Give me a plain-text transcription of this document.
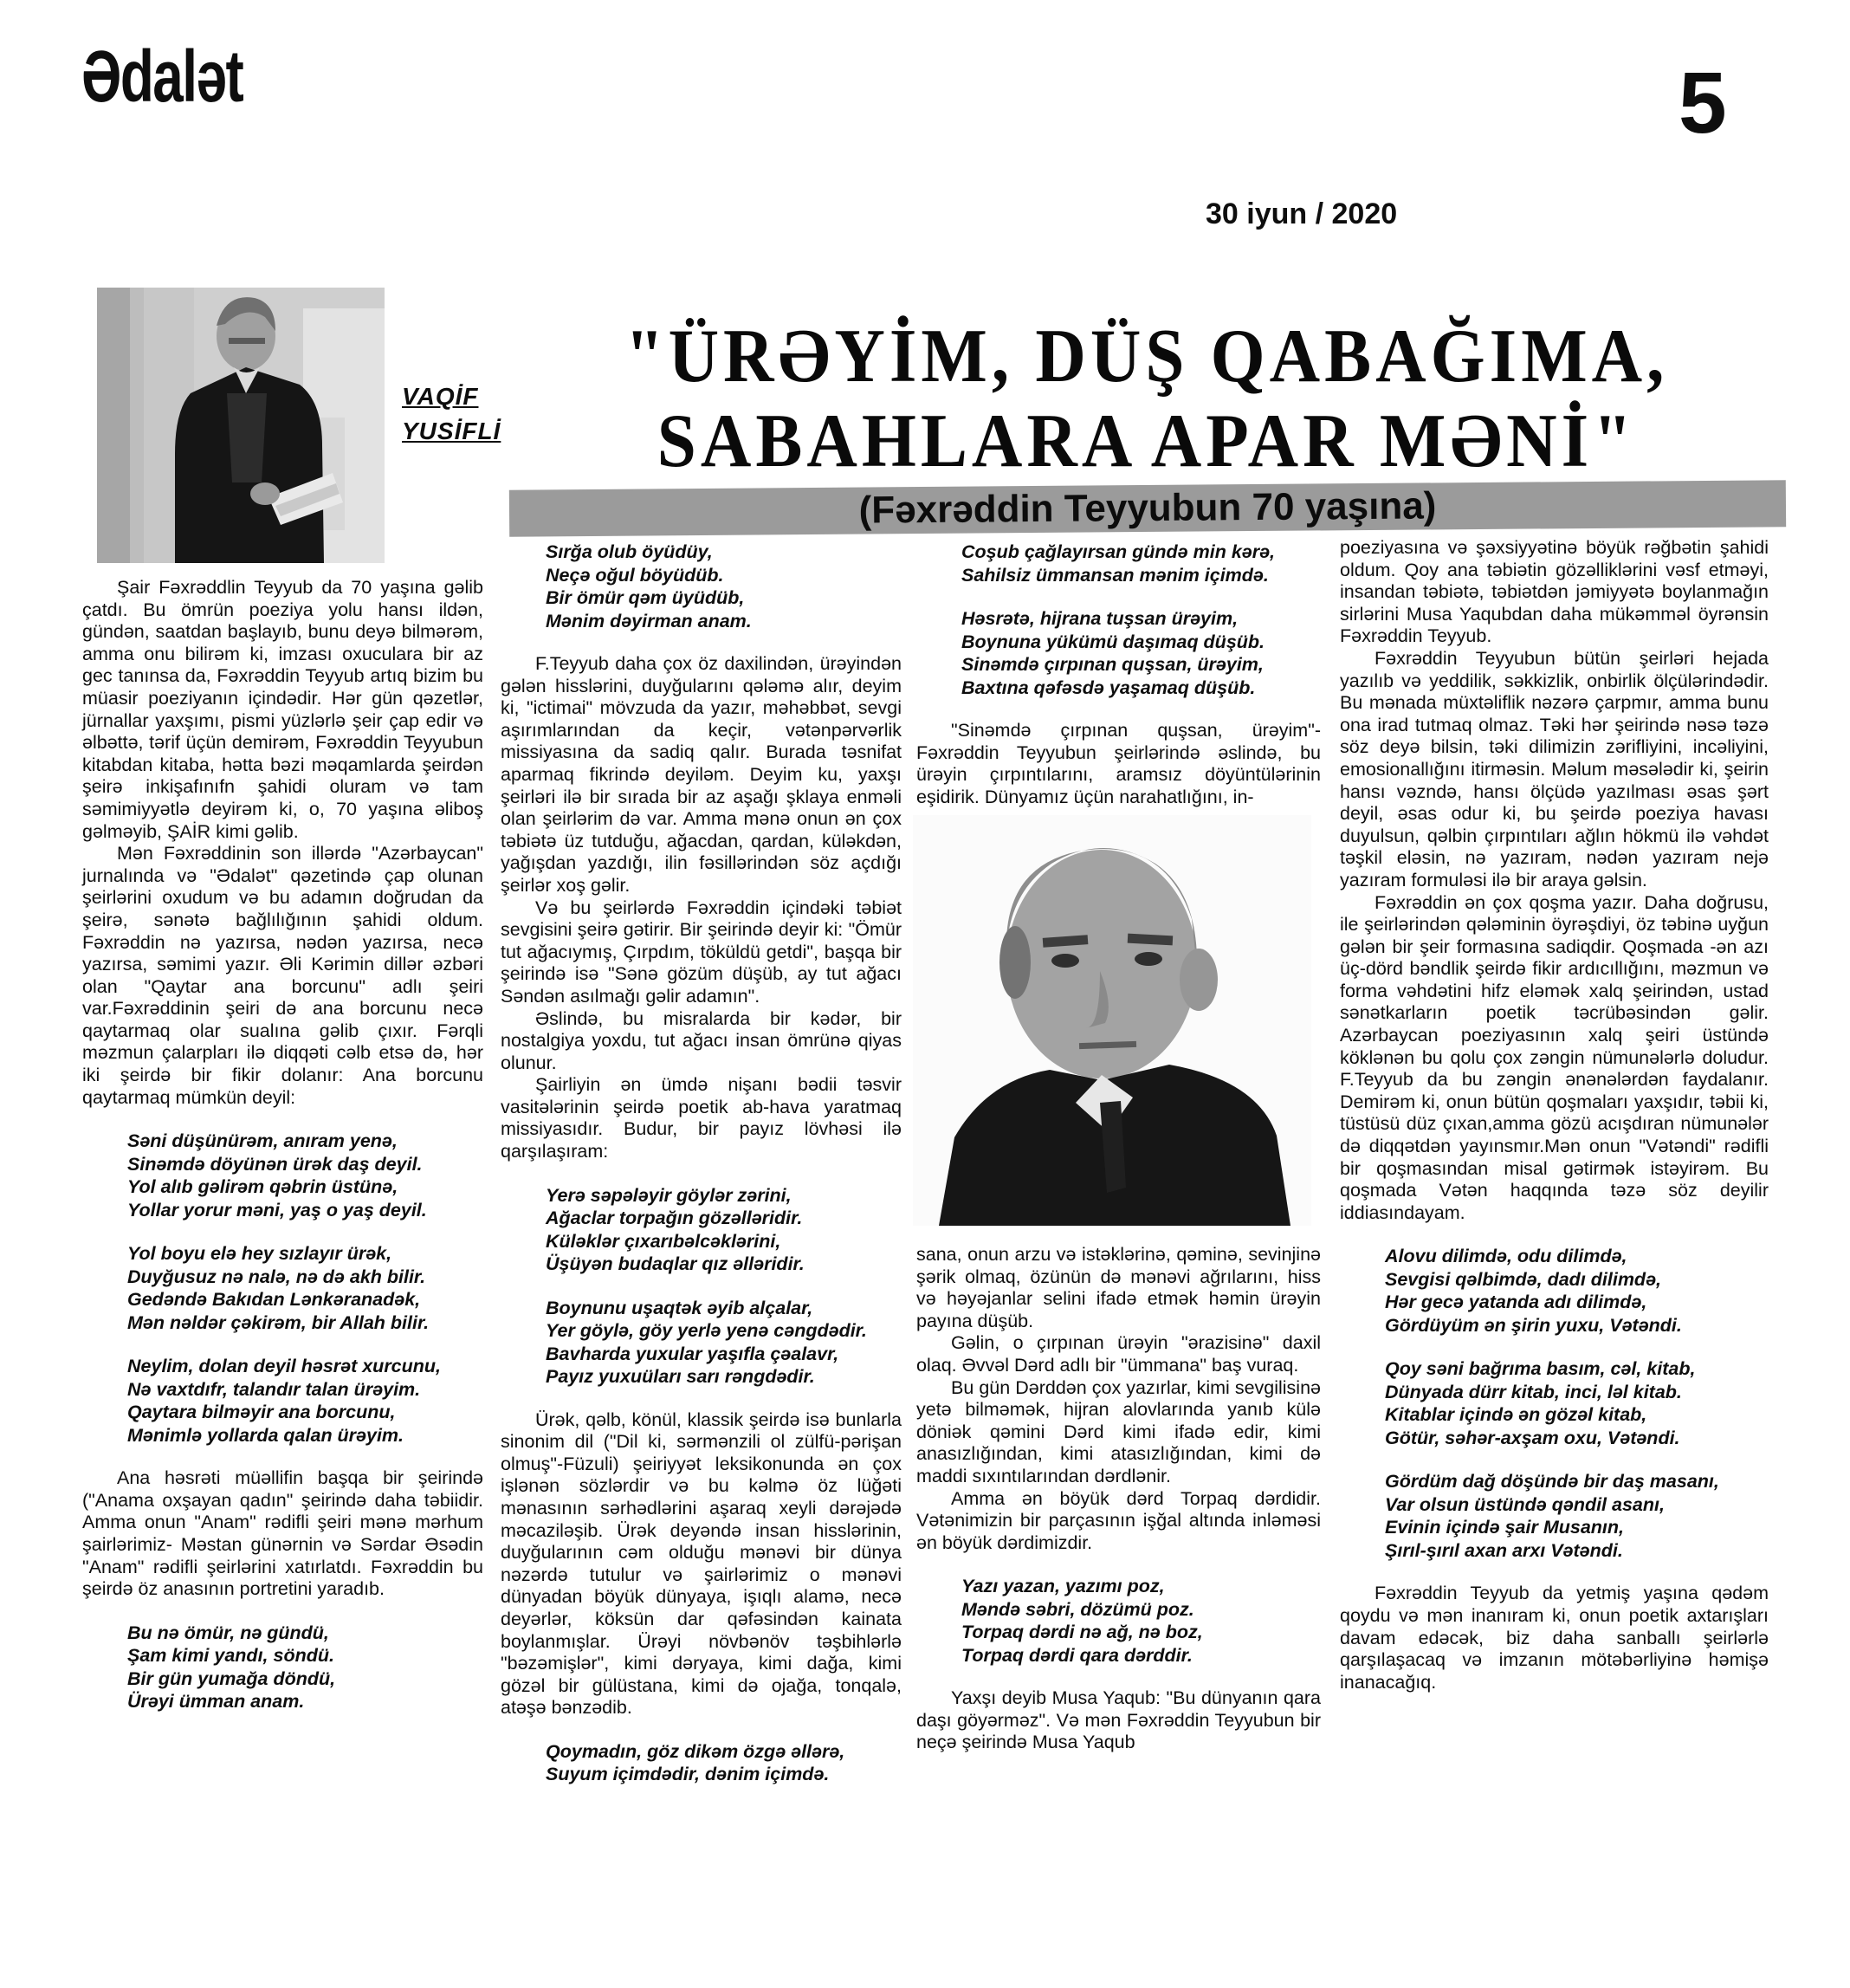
Ədalət	5
30 iyun / 2020
VAQİF
YUSİFLİ
"ÜRƏYİM, DÜŞ QABAĞIMA,
SABAHLARA APAR MƏNİ"
(Fəxrəddin Teyyubun 70 yaşına)

Şair Fəxrəddlin Teyyub da 70 yaşına gəlib çatdı. Bu ömrün poeziya yolu hansı ildən, gündən, saatdan başlayıb, bunu deyə bilmərəm, amma onu bilirəm ki, imzası oxuculara bir az gec tanınsa da, Fəxrəddin Teyyub artıq bizim bu müasir poeziyanın içindədir. Hər gün qəzetlər, jürnallar yaxşımı, pismi yüzlərlə şeir çap edir və əlbəttə, tərif üçün demirəm, Fəxrəddin Teyyubun kitabdan kitaba, hətta bəzi məqamlarda şeirdən şeirə inkişafınıfn şahidi oluram və tam səmimiyyətlə deyirəm ki, o, 70 yaşına əliboş gəlməyib, ŞAİR kimi gəlib.

Mən Fəxrəddinin son illərdə "Azərbaycan" jurnalında və "Ədalət" qəzetində çap olunan şeirlərini oxudum və bu adamın doğrudan da şeirə, sənətə bağlılığının şahidi oldum. Fəxrəddin nə yazırsa, nədən yazırsa, necə yazırsa, səmimi yazır. Əli Kərimin dillər əzbəri olan "Qaytar ana borcunu" adlı şeiri var.Fəxrəddinin şeiri də ana borcunu necə qaytarmaq olar sualına gəlib çıxır. Fərqli məzmun çalarpları ilə diqqəti cəlb etsə də, hər iki şeirdə bir fikir dolanır: Ana borcunu qaytarmaq mümkün deyil:

Səni düşünürəm, anıram yenə,
Sinəmdə döyünən ürək daş deyil.
Yol alıb gəlirəm qəbrin üstünə,
Yollar yorur məni, yaş o yaş deyil.
Yol boyu elə hey sızlayır ürək,
Duyğusuz nə nalə, nə də akh bilir.
Gedəndə Bakıdan Lənkəranadək,
Mən nəldər çəkirəm, bir Allah bilir.
Neylim, dolan deyil həsrət xurcunu,
Nə vaxtdıfr, talandır talan ürəyim.
Qaytara bilməyir ana borcunu,
Mənimlə yollarda qalan ürəyim.

Ana həsrəti müəllifin başqa bir şeirində ("Anama oxşayan qadın" şeirində daha təbiidir. Amma onun "Anam" rədifli şeiri mənə mərhum şairlərimiz- Məstan günərnin və Sərdar Əsədin "Anam" rədifli şeirlərini xatırlatdı. Fəxrəddin bu şeirdə öz anasının portretini yaradıb.

Bu nə ömür, nə gündü,
Şam kimi yandı, söndü.
Bir gün yumağa döndü,
Ürəyi ümman anam.
Sırğa olub öyüdüy,
Neçə oğul böyüdüb.
Bir ömür qəm üyüdüb,
Mənim dəyirman anam.

F.Teyyub daha çox öz daxilindən, ürəyindən gələn hisslərini, duyğularını qələmə alır, deyim ki, "ictimai" mövzuda da yazır, məhəbbət, sevgi aşırımlarından da keçir, vətənpərvərlik missiyasına da sadiq qalır. Burada təsnifat aparmaq fikrində deyiləm. Deyim ku, yaxşı şeirləri ilə bir sırada bir az aşağı şklaya enməli olan şeirlərim də var. Amma mənə onun ən çox təbiətə üz tutduğu, ağacdan, qardan, küləkdən, yağışdan yazdığı, ilin fəsillərindən söz açdığı şeirlər xoş gəlir.

Və bu şeirlərdə Fəxrəddin içindəki təbiət sevgisini şeirə gətirir. Bir şeirində deyir ki: "Ömür tut ağacıymış, Çırpdım, töküldü getdi", başqa bir şeirində isə "Sənə gözüm düşüb, ay tut ağacı Səndən asılmağı gəlir adamın".

Əslində, bu misralarda bir kədər, bir nostalgiya yoxdu, tut ağacı insan ömrünə qiyas olunur.

Şairliyin ən ümdə nişanı bədii təsvir vasitələrinin şeirdə poetik ab-hava yaratmaq missiyasıdır. Budur, bir payız lövhəsi ilə qarşılaşıram:

Yerə səpələyir göylər zərini,
Ağaclar torpağın gözəlləridir.
Küləklər çıxarıbəlcəklərini,
Üşüyən budaqlar qız əlləridir.
Boynunu uşaqtək əyib alçalar,
Yer göylə, göy yerlə yenə cəngdədir.
Bavharda yuxular yaşıfla çəalavr,
Payız yuxuüları sarı rəngdədir.

Ürək, qəlb, könül, klassik şeirdə isə bunlarla sinonim dil ("Dil ki, sərmənzili ol zülfü-pərişan olmuş"-Füzuli) şeiriyyət leksikonunda ən çox işlənən sözlərdir və bu kəlmə öz lüğəti mənasının sərhədlərini aşaraq xeyli dərəjədə məcaziləşib. Ürək deyəndə insan hisslərinin, duyğularının cəm olduğu mənəvi bir dünya nəzərdə tutulur və şairlərimiz o mənəvi dünyadan böyük dünyaya, işıqlı alamə, necə deyərlər, köksün dar qəfəsindən kainata boylanmışlar. Ürəyi növbənöv təşbihlərlə "bəzəmişlər", kimi dəryaya, kimi dağa, kimi gözəl bir gülüstana, kimi də ojağa, tonqalə, atəşə bənzədib.

Qoymadın, göz dikəm özgə əllərə,
Suyum içimdədir, dənim içimdə.
Coşub çağlayırsan gündə min kərə,
Sahilsiz ümmansan mənim içimdə.
Həsrətə, hijrana tuşsan ürəyim,
Boynuna yükümü daşımaq düşüb.
Sinəmdə çırpınan quşsan, ürəyim,
Baxtına qəfəsdə yaşamaq düşüb.

"Sinəmdə çırpınan quşsan, ürəyim"- Fəxrəddin Teyyubun şeirlərində əslində, bu ürəyin çırpıntılarını, aramsız döyüntülərinin eşidirik. Dünyamız üçün narahatlığını, in-

sana, onun arzu və istəklərinə, qəminə, sevinjinə şərik olmaq, özünün də mənəvi ağrılarını, hiss və həyəjanlar selini ifadə etmək həmin ürəyin payına düşüb.

Gəlin, o çırpınan ürəyin "ərazisinə" daxil olaq. Əvvəl Dərd adlı bir "ümmana" baş vuraq.

Bu gün Dərddən çox yazırlar, kimi sevgilisinə yetə bilməmək, hijran alovlarında yanıb külə döniək qəmini Dərd kimi ifadə edir, kimi anasızlığından, kimi atasızlığından, kimi də maddi sıxıntılarından dərdlənir.

Amma ən böyük dərd Torpaq dərdidir. Vətənimizin bir parçasının işğal altında inləməsi ən böyük dərdimizdir.

Yazı yazan, yazımı poz,
Məndə səbri, dözümü poz.
Torpaq dərdi nə ağ, nə boz,
Torpaq dərdi qara dərddir.

Yaxşı deyib Musa Yaqub: "Bu dünyanın qara daşı göyərməz". Və mən Fəxrəddin Teyyubun bir neçə şeirində Musa Yaqub

poeziyasına və şəxsiyyətinə böyük rəğbətin şahidi oldum. Qoy ana təbiətin gözəlliklərini vəsf etməyi, insandan təbiətə, təbiətdən jəmiyyətə boylanmağın sirlərini Musa Yaqubdan daha mükəmməl öyrənsin Fəxrəddin Teyyub.

Fəxrəddin Teyyubun bütün şeirləri hejada yazılıb və yeddilik, səkkizlik, onbirlik ölçülərindədir. Bu mənada müxtəliflik nəzərə çarpmır, amma bunu ona irad tutmaq olmaz. Təki hər şeirində nəsə təzə söz deyə bilsin, təki dilimizin zərifliyini, incəliyini, emosionallığını itirməsin. Məlum məsələdir ki, şeirin hansı vəzndə, hansı ölçüdə yazılması əsas şərt deyil, əsas odur ki, bu şeirdə poeziya havası duyulsun, qəlbin çırpıntıları ağlın hökmü ilə vəhdət təşkil eləsin, nə yazıram, nədən yazıram nejə yazıram formuləsi ilə bir araya gəlsin.

Fəxrəddin ən çox qoşma yazır. Daha doğrusu, ile şeirlərindən qələminin öyrəşdiyi, öz təbinə uyğun gələn bir şeir formasına sadiqdir. Qoşmada -ən azı üç-dörd bəndlik şeirdə fikir ardıcıllığını, məzmun və forma vəhdətini hifz eləmək xalq şeirindən, ustad sənətkarların poetik təcrübəsindən gəlir. Azərbaycan poeziyasının xalq şeiri üstündə köklənən bu qolu çox zəngin nümunələrlə doludur. F.Teyyub da bu zəngin ənənələrdən faydalanır. Demirəm ki, onun bütün qoşmaları yaxşıdır, təbii ki, tüstüsü düz çıxan,amma gözü acışdıran nümunələr də diqqətdən yayınsmır.Mən onun "Vətəndi" rədifli bir qoşmasından misal gətirmək istəyirəm. Bu qoşmada Vətən haqqında təzə söz deyilir iddiasındayam.

Alovu dilimdə, odu dilimdə,
Sevgisi qəlbimdə, dadı dilimdə,
Hər gecə yatanda adı dilimdə,
Gördüyüm ən şirin yuxu, Vətəndi.
Qoy səni bağrıma basım, cəl, kitab,
Dünyada dürr kitab, inci, ləl kitab.
Kitablar içində ən gözəl kitab,
Götür, səhər-axşam oxu, Vətəndi.
Gördüm dağ döşündə bir daş masanı,
Var olsun üstündə qəndil asanı,
Evinin içində şair Musanın,
Şırıl-şırıl axan arxı Vətəndi.

Fəxrəddin Teyyub da yetmiş yaşına qədəm qoydu və mən inanıram ki, onun poetik axtarışları davam edəcək, biz daha sanballı şeirlərlə qarşılaşacaq və imzanın mötəbərliyinə həmişə inanacağıq.
